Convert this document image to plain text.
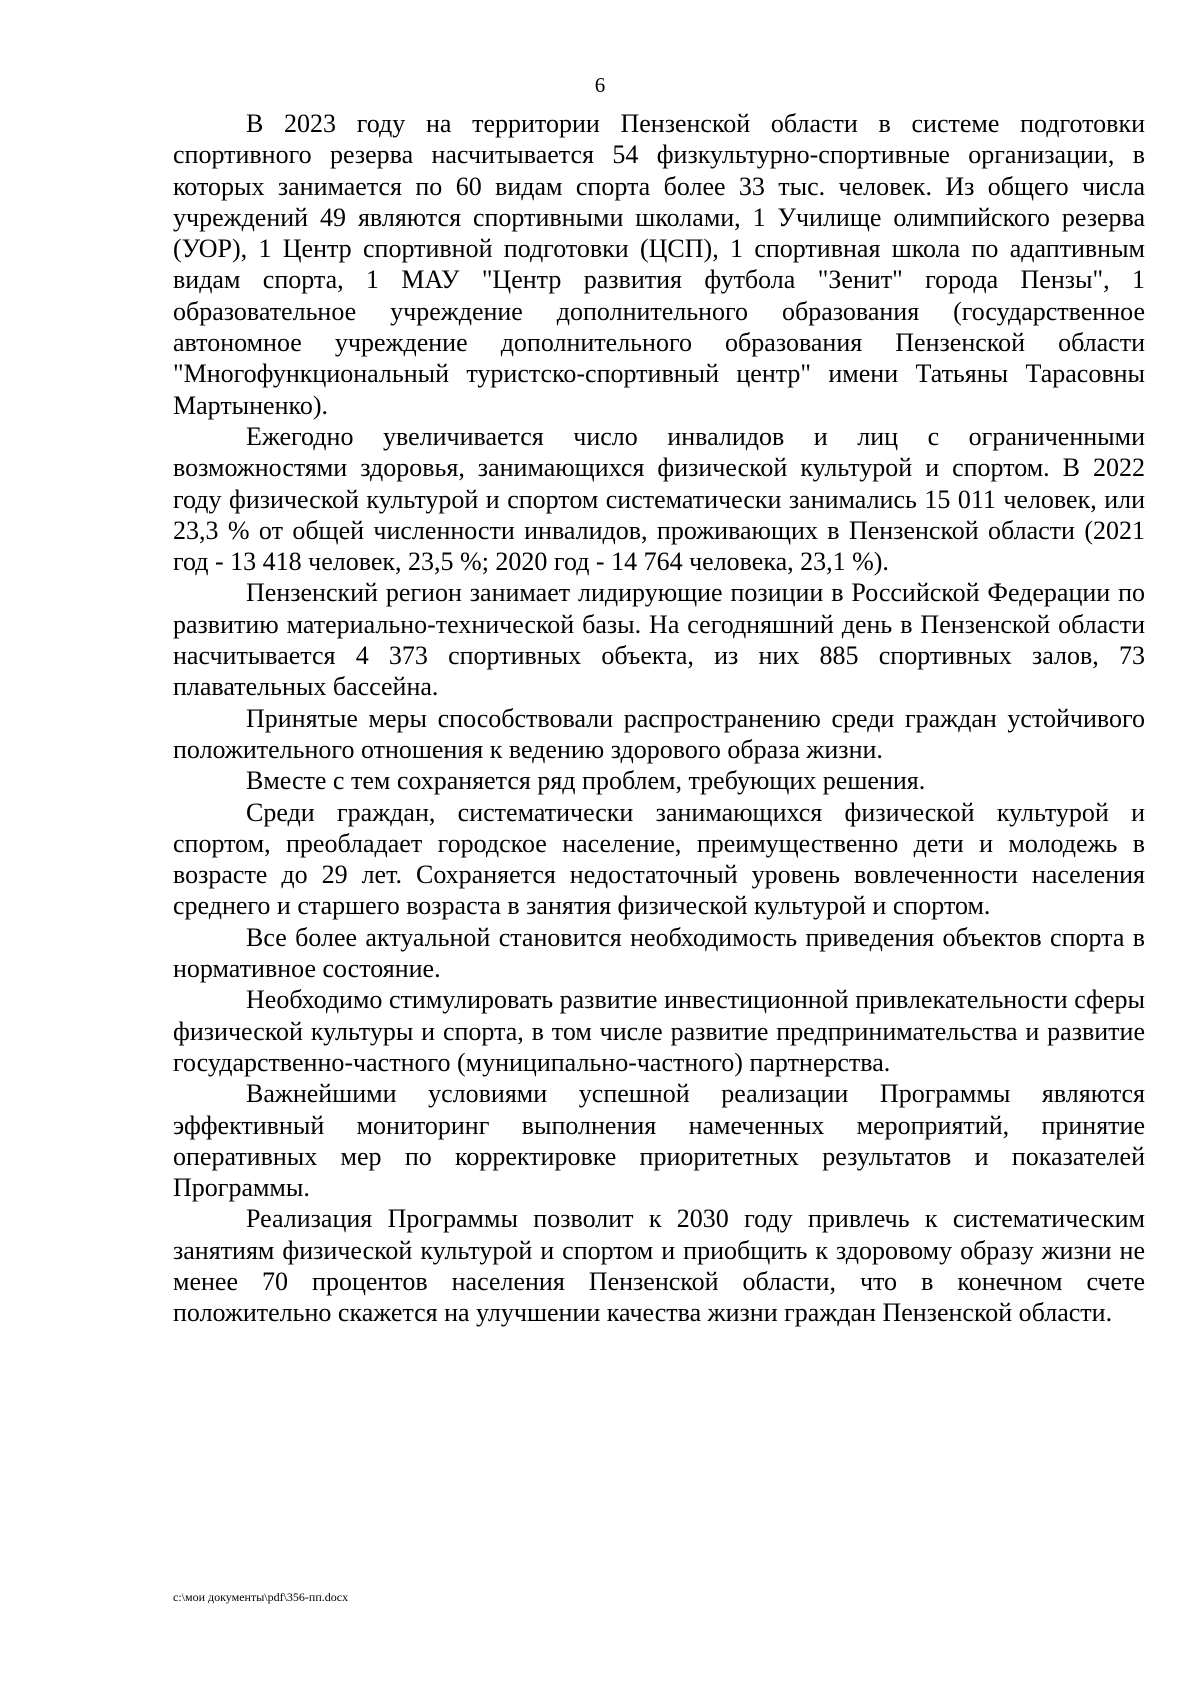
6

В 2023 году на территории Пензенской области в системе подготовки спортивного резерва насчитывается 54 физкультурно-спортивные организации, в которых занимается по 60 видам спорта более 33 тыс. человек. Из общего числа учреждений 49 являются спортивными школами, 1 Училище олимпийского резерва (УОР), 1 Центр спортивной подготовки (ЦСП), 1 спортивная школа по адаптивным видам спорта, 1 МАУ "Центр развития футбола "Зенит" города Пензы", 1 образовательное учреждение дополнительного образования (государственное автономное учреждение дополнительного образования Пензенской области "Многофункциональный туристско-спортивный центр" имени Татьяны Тарасовны Мартыненко).

Ежегодно увеличивается число инвалидов и лиц с ограниченными возможностями здоровья, занимающихся физической культурой и спортом. В 2022 году физической культурой и спортом систематически занимались 15 011 человек, или 23,3 % от общей численности инвалидов, проживающих в Пензенской области (2021 год - 13 418 человек, 23,5 %; 2020 год - 14 764 человека, 23,1 %).

Пензенский регион занимает лидирующие позиции в Российской Федерации по развитию материально-технической базы. На сегодняшний день в Пензенской области насчитывается 4 373 спортивных объекта, из них 885 спортивных залов, 73 плавательных бассейна.

Принятые меры способствовали распространению среди граждан устойчивого положительного отношения к ведению здорового образа жизни.

Вместе с тем сохраняется ряд проблем, требующих решения.

Среди граждан, систематически занимающихся физической культурой и спортом, преобладает городское население, преимущественно дети и молодежь в возрасте до 29 лет. Сохраняется недостаточный уровень вовлеченности населения среднего и старшего возраста в занятия физической культурой и спортом.

Все более актуальной становится необходимость приведения объектов спорта в нормативное состояние.

Необходимо стимулировать развитие инвестиционной привлекательности сферы физической культуры и спорта, в том числе развитие предпринимательства и развитие государственно-частного (муниципально-частного) партнерства.

Важнейшими условиями успешной реализации Программы являются эффективный мониторинг выполнения намеченных мероприятий, принятие оперативных мер по корректировке приоритетных результатов и показателей Программы.

Реализация Программы позволит к 2030 году привлечь к систематическим занятиям физической культурой и спортом и приобщить к здоровому образу жизни не менее 70 процентов населения Пензенской области, что в конечном счете положительно скажется на улучшении качества жизни граждан Пензенской области.

c:\мои документы\pdf\356-пп.docx
